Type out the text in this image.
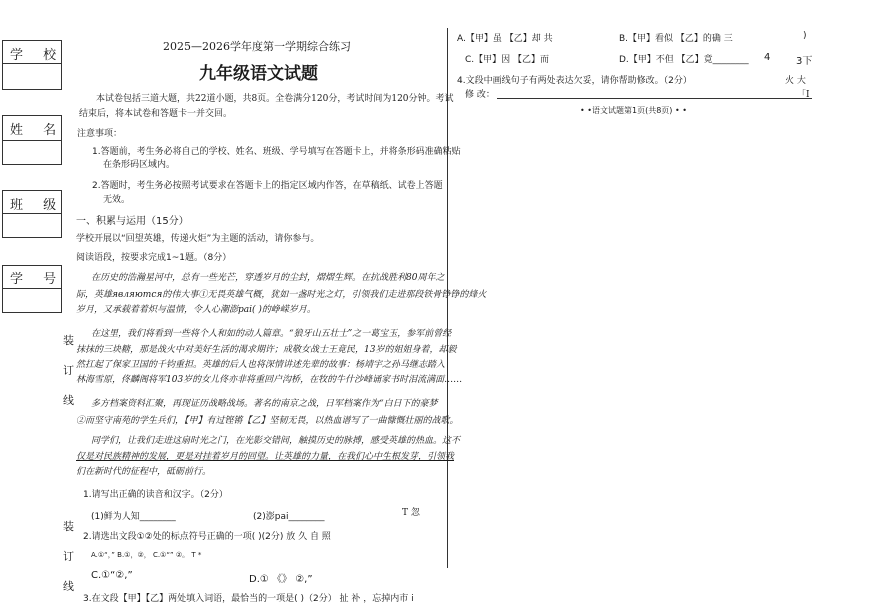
学 校
姓 名
班 级
学 号
装
订
线
装
订
线
2025—2026学年度第一学期综合练习
九年级语文试题
本试卷包括三道大题，共22道小题，共8页。全卷满分120分，考试时间为120分钟。考试
结束后，将本试卷和答题卡一并交回。
注意事项：
1.答题前，考生务必将自己的学校、姓名、班级、学号填写在答题卡上，并将条形码准确粘贴
在条形码区域内。
2.答题时，考生务必按照考试要求在答题卡上的指定区域内作答，在草稿纸、试卷上答题
无效。
一、积累与运用（15分）
学校开展以“回望英雄，传递火炬”为主题的活动，请你参与。
阅读语段，按要求完成1~1题。（8分）
在历史的浩瀚星河中，总有一些光芒，穿透岁月的尘封，熠熠生辉。在抗战胜利80周年之
际，英雄являются的伟大事①无畏英雄气概，犹如一盏时光之灯，引领我们走进那段铁骨铮铮的烽火
岁月，又承载着着炽与温情，令人心潮澎pai( )的峥嵘岁月。
在这里，我们将看到一些将个人和如的动人篇章。“狼牙山五壮士”之一葛宝玉，参军前曾经
抹抹的三块糖，那是战火中对美好生活的渴求期许；成敬女战士王竟民，13岁的姐姐身着，却毅
然扛起了保家卫国的千钧重担。英雄的后人也将深情讲述先辈的故事：杨靖宇之孙马继志踏入
林海雪原，佟麟阁将军103岁的女儿佟亦非将重回户沟桥，在牧的牛什沙峰诵家书时泪流满面……
多方档案资料汇聚，再现证历战略战场。著名的南京之战，日军档案作为“白日下的豪梦
②而坚守南苑的学生兵们，【甲】有过铿锵【乙】坚韧无畏，以热血谱写了一曲慷慨壮丽的战歌。
同学们，让我们走进这扇时光之门，在光影交错间，触摸历史的脉搏，感受英雄的热血。这不
仅是对民族精神的发展，更是对挂着岁月的回望。让英雄的力量，在我们心中生根发芽，引领我
们在新时代的征程中，砥砺前行。
1.请写出正确的读音和汉字。（2分）
T 忽
(1)鲜为人知________	(2)澎pai________
2.请选出文段①②处的标点符号正确的一项( )(2分) 放 久 自 照
A.①“，” B.①，②， C.①“” ②。 T *
C.①“②,”	D.① 《》 ②,”
3.在文段【甲】【乙】两处填入词语，最恰当的一项是( )（2分） 扯 补 ，忘掉内市 i
A.【甲】虽 【乙】却 共	B.【甲】看似 【乙】的确 三	)
C.【甲】因 【乙】而	D.【甲】不但 【乙】竟________ 4	3下
4.文段中画线句子有两处表达欠妥，请你帮助修改。（2分）	火 大
修 改：	「I
• •语文试题第1页(共8页) • •
